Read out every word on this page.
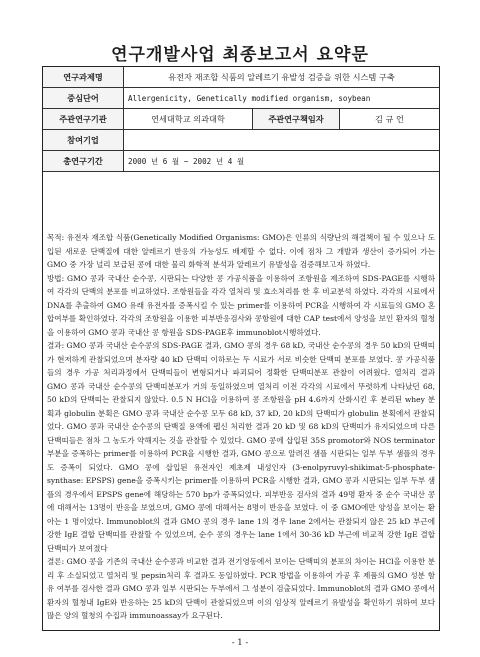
연구개발사업 최종보고서 요약문
연구과제명	유전자 재조합 식품의 알레르기 유발성 검증을 위한 시스템 구축		
중심단어	Allergenicity, Genetically modified organism, soybean		
주관연구기관	연세대학교 의과대학	주관연구책임자	김 규 언
참여기업			
총연구기간	2000 년 6 월 ~ 2002 년 4 월		

목적: 유전자 재조합 식품(Genetically Modified Organisms: GMO)은 인류의 식량난의 해결책이 될 수 있으나 도입된 새로운 단백질에 대한 알레르기 반응의 가능성도 배제할 수 없다. 이에 점차 그 개발과 생산이 증가되어 가는 GMO 중 가장 널리 보급된 콩에 대한 물리 화학적 분석과 알레르기 유발성을 검증해보고자 하였다.

방법: GMO 콩과 국내산 순수콩, 시판되는 다양한 콩 가공식품을 이용하여 조항원을 제조하여 SDS-PAGE를 시행하여 각각의 단백의 분포를 비교하였다. 조항원들을 각각 열처리 및 효소처리를 한 후 비교분석 하였다. 각각의 시료에서 DNA를 추출하여 GMO 유래 유전자를 증폭시킬 수 있는 primer를 이용하여 PCR을 시행하여 각 시료들의 GMO 혼합여부를 확인하였다. 각각의 조항원을 이용한 피부반응검사와 콩항원에 대한 CAP test에서 양성을 보인 환자의 혈청을 이용하여 GMO 콩과 국내산 콩 항원을 SDS-PAGE후 immunoblot시행하였다.

결과: GMO 콩과 국내산 순수콩의 SDS-PAGE 결과, GMO 콩의 경우 68 kD, 국내산 순수콩의 경우 50 kD의 단백띠가 현저하게 관찰되었으며 분자량 40 kD 단백띠 이하로는 두 시료가 서로 비슷한 단백띠 분포를 보였다. 콩 가공식품들의 경우 가공 처리과정에서 단백띠들이 변형되거나 파괴되어 정확한 단백띠분포 관찰이 어려웠다. 열처리 결과 GMO 콩과 국내산 순수콩의 단백띠분포가 거의 동일하였으며 열처리 이전 각각의 시료에서 뚜렷하게 나타났던 68, 50 kD의 단백띠는 관찰되지 않았다. 0.5 N HCl을 이용하여 콩 조항원을 pH 4.6까지 산화시킨 후 분리된 whey 분획과 globulin 분획은 GMO 콩과 국내산 순수콩 모두 68 kD, 37 kD, 20 kD의 단백띠가 globulin 분획에서 관찰되었다. GMO 콩과 국내산 순수콩의 단백질 용액에 펩신 처리한 결과 20 kD 및 68 kD의 단백띠가 유지되었으며 다른 단백띠들은 점차 그 농도가 약해지는 것을 관찰할 수 있었다. GMO 콩에 삽입된 35S promotor와 NOS terminator 부분을 증폭하는 primer를 이용하여 PCR을 시행한 결과, GMO 콩으로 알려진 샘플 시판되는 일부 두부 샘플의 경우도 증폭이 되었다. GMO 콩에 삽입된 유전자인 제초제 내성인자 (3-enolpyruvyl-shikimat-5-phosphate-synthase: EPSPS) gene을 증폭시키는 primer를 이용하여 PCR을 시행한 결과, GMO 콩과 시판되는 일부 두부 샘플의 경우에서 EPSPS gene에 해당하는 570 bp가 증폭되었다. 피부반응 검사의 결과 49명 환자 중 순수 국내산 콩에 대해서는 13명이 반응을 보였으며, GMO 콩에 대해서는 8명이 반응을 보였다. 이 중 GMO에만 양성을 보이는 환아는 1 명이었다. Immunoblot의 결과 GMO 콩의 경우 lane 1의 경우 lane 2에서는 관찰되지 않은 25 kD 부근에 강한 IgE 결합 단백띠를 관찰할 수 있었으며, 순수 콩의 경우는 lane 1에서 30-36 kD 부근에 비교적 강한 IgE 결합 단백띠가 보여졌다

결론: GMO 콩을 기존의 국내산 순수콩과 비교한 결과 전기영동에서 보이는 단백띠의 분포의 차이는 HCl을 이용한 분리 후 소실되었고 열처리 및 pepsin처리 후 결과도 동일하였다. PCR 방법을 이용하여 가공 후 제품의 GMO 성분 함유 여부를 검사한 결과 GMO 콩과 일부 시판되는 두부에서 그 성분이 검출되었다. Immunoblot의 결과 GMO 콩에서 환자의 혈청내 IgE와 반응하는 25 kD의 단백이 관찰되었으며 이의 임상적 알레르기 유발성을 확인하기 위하여 보다 많은 양의 혈청의 수집과 immunoassay가 요구된다.

- 1 -
